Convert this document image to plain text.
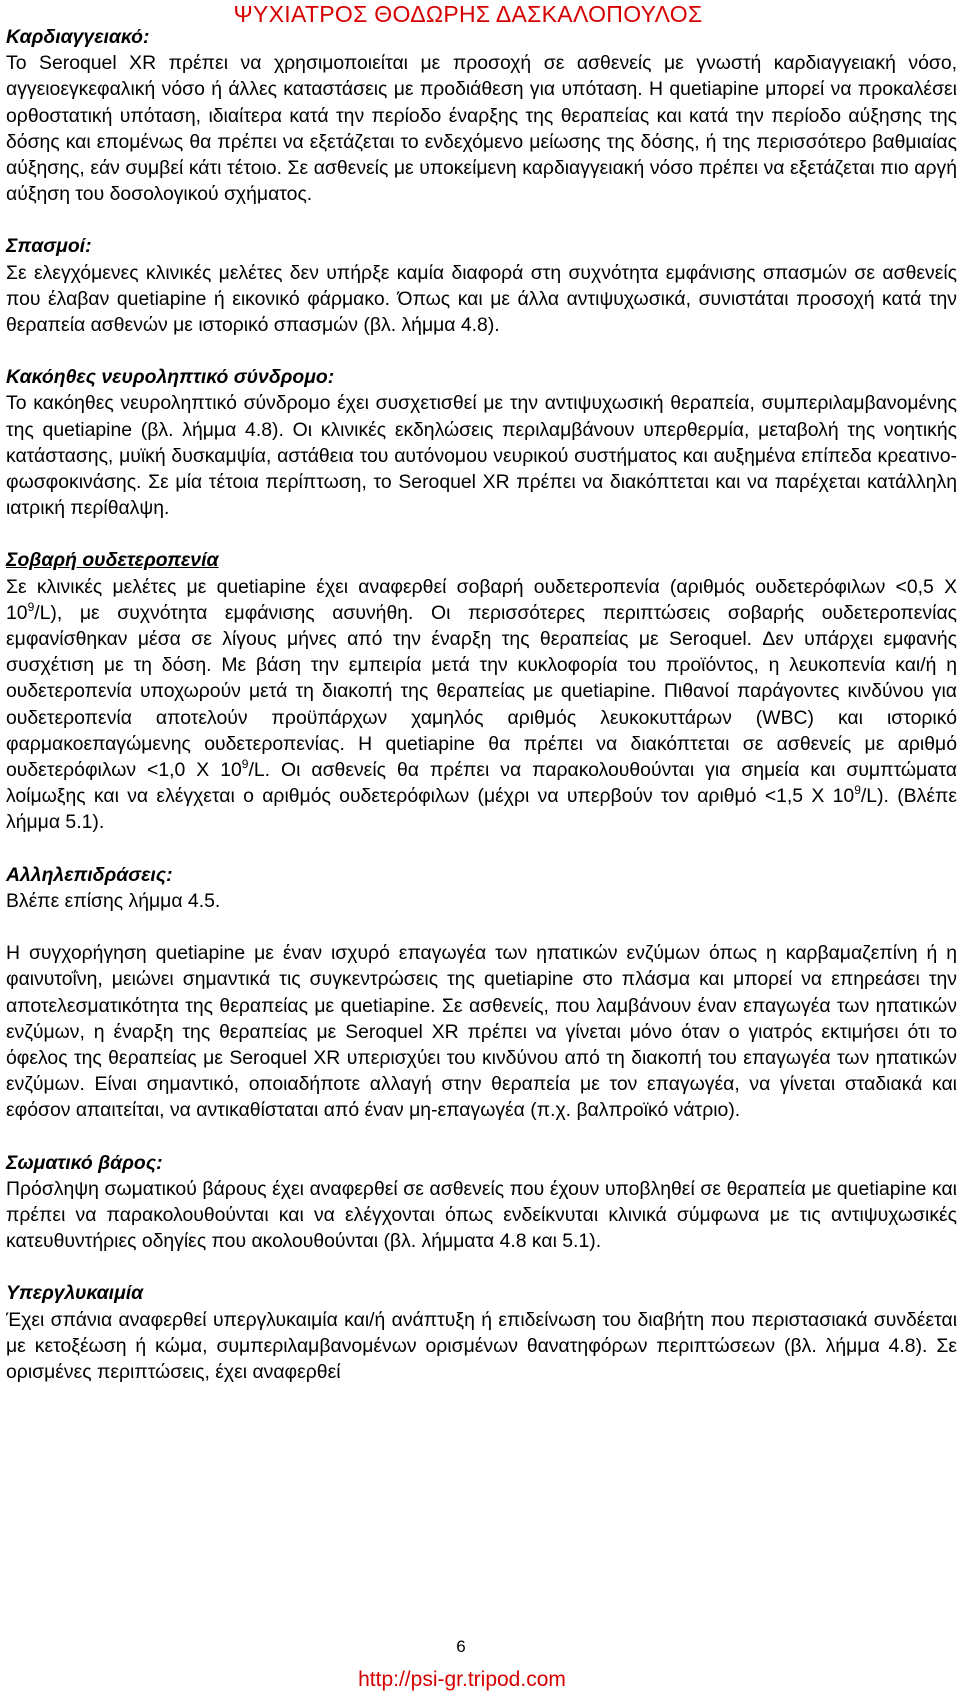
ΨΥΧΙΑΤΡΟΣ ΘΟΔΩΡΗΣ ΔΑΣΚΑΛΟΠΟΥΛΟΣ

Καρδιαγγειακό:

Το Seroquel XR πρέπει να χρησιμοποιείται με προσοχή σε ασθενείς με γνωστή καρδιαγγειακή νόσο, αγγειοεγκεφαλική νόσο ή άλλες καταστάσεις με προδιάθεση για υπόταση. Η quetiapine μπορεί να προκαλέσει ορθοστατική υπόταση, ιδιαίτερα κατά την περίοδο έναρξης της θεραπείας και κατά την περίοδο αύξησης της δόσης και επομένως θα πρέπει να εξετάζεται το ενδεχόμενο μείωσης της δόσης, ή της περισσότερο βαθμιαίας αύξησης, εάν συμβεί κάτι τέτοιο. Σε ασθενείς με υποκείμενη καρδιαγγειακή νόσο πρέπει να εξετάζεται πιο αργή αύξηση του δοσολογικού σχήματος.

Σπασμοί:

Σε ελεγχόμενες κλινικές μελέτες δεν υπήρξε καμία διαφορά στη συχνότητα εμφάνισης σπασμών σε ασθενείς που έλαβαν quetiapine ή εικονικό φάρμακο. Όπως και με άλλα αντιψυχωσικά, συνιστάται προσοχή κατά την θεραπεία ασθενών με ιστορικό σπασμών (βλ. λήμμα 4.8).

Κακόηθες νευροληπτικό σύνδρομο:

Το κακόηθες νευροληπτικό σύνδρομο έχει συσχετισθεί με την αντιψυχωσική θεραπεία, συμπεριλαμβανομένης της quetiapine (βλ. λήμμα 4.8). Οι κλινικές εκδηλώσεις περιλαμβάνουν υπερθερμία, μεταβολή της νοητικής κατάστασης, μυϊκή δυσκαμψία, αστάθεια του αυτόνομου νευρικού συστήματος και αυξημένα επίπεδα κρεατινο-φωσφοκινάσης. Σε μία τέτοια περίπτωση, το Seroquel XR πρέπει να διακόπτεται και να παρέχεται κατάλληλη ιατρική περίθαλψη.

Σοβαρή ουδετεροπενία

Σε κλινικές μελέτες με quetiapine έχει αναφερθεί σοβαρή ουδετεροπενία (αριθμός ουδετερόφιλων <0,5 Χ $10^9/L$), με συχνότητα εμφάνισης ασυνήθη. Οι περισσότερες περιπτώσεις σοβαρής ουδετεροπενίας εμφανίσθηκαν μέσα σε λίγους μήνες από την έναρξη της θεραπείας με Seroquel. Δεν υπάρχει εμφανής συσχέτιση με τη δόση. Με βάση την εμπειρία μετά την κυκλοφορία του προϊόντος, η λευκοπενία και/ή η ουδετεροπενία υποχωρούν μετά τη διακοπή της θεραπείας με quetiapine. Πιθανοί παράγοντες κινδύνου για ουδετεροπενία αποτελούν προϋπάρχων χαμηλός αριθμός λευκοκυττάρων (WBC) και ιστορικό φαρμακοεπαγώμενης ουδετεροπενίας. Η quetiapine θα πρέπει να διακόπτεται σε ασθενείς με αριθμό ουδετερόφιλων <1,0 Χ $10^9/L$. Οι ασθενείς θα πρέπει να παρακολουθούνται για σημεία και συμπτώματα λοίμωξης και να ελέγχεται ο αριθμός ουδετερόφιλων (μέχρι να υπερβούν τον αριθμό <1,5 Χ $10^9/L$). (Βλέπε λήμμα 5.1).

Αλληλεπιδράσεις:

Βλέπε επίσης λήμμα 4.5.

Η συγχορήγηση quetiapine με έναν ισχυρό επαγωγέα των ηπατικών ενζύμων όπως η καρβαμαζεπίνη ή η φαινυτοΐνη, μειώνει σημαντικά τις συγκεντρώσεις της quetiapine στο πλάσμα και μπορεί να επηρεάσει την αποτελεσματικότητα της θεραπείας με quetiapine. Σε ασθενείς, που λαμβάνουν έναν επαγωγέα των ηπατικών ενζύμων, η έναρξη της θεραπείας με Seroquel XR πρέπει να γίνεται μόνο όταν ο γιατρός εκτιμήσει ότι το όφελος της θεραπείας με Seroquel XR υπερισχύει του κινδύνου από τη διακοπή του επαγωγέα των ηπατικών ενζύμων. Είναι σημαντικό, οποιαδήποτε αλλαγή στην θεραπεία με τον επαγωγέα, να γίνεται σταδιακά και εφόσον απαιτείται, να αντικαθίσταται από έναν μη-επαγωγέα (π.χ. βαλπροϊκό νάτριο).

Σωματικό βάρος:

Πρόσληψη σωματικού βάρους έχει αναφερθεί σε ασθενείς που έχουν υποβληθεί σε θεραπεία με quetiapine και πρέπει να παρακολουθούνται και να ελέγχονται όπως ενδείκνυται κλινικά σύμφωνα με τις αντιψυχωσικές κατευθυντήριες οδηγίες που ακολουθούνται (βλ. λήμματα 4.8 και 5.1).

Υπεργλυκαιμία

Έχει σπάνια αναφερθεί υπεργλυκαιμία και/ή ανάπτυξη ή επιδείνωση του διαβήτη που περιστασιακά συνδέεται με κετοξέωση ή κώμα, συμπεριλαμβανομένων ορισμένων θανατηφόρων περιπτώσεων (βλ. λήμμα 4.8). Σε ορισμένες περιπτώσεις, έχει αναφερθεί

6
http://psi-gr.tripod.com
